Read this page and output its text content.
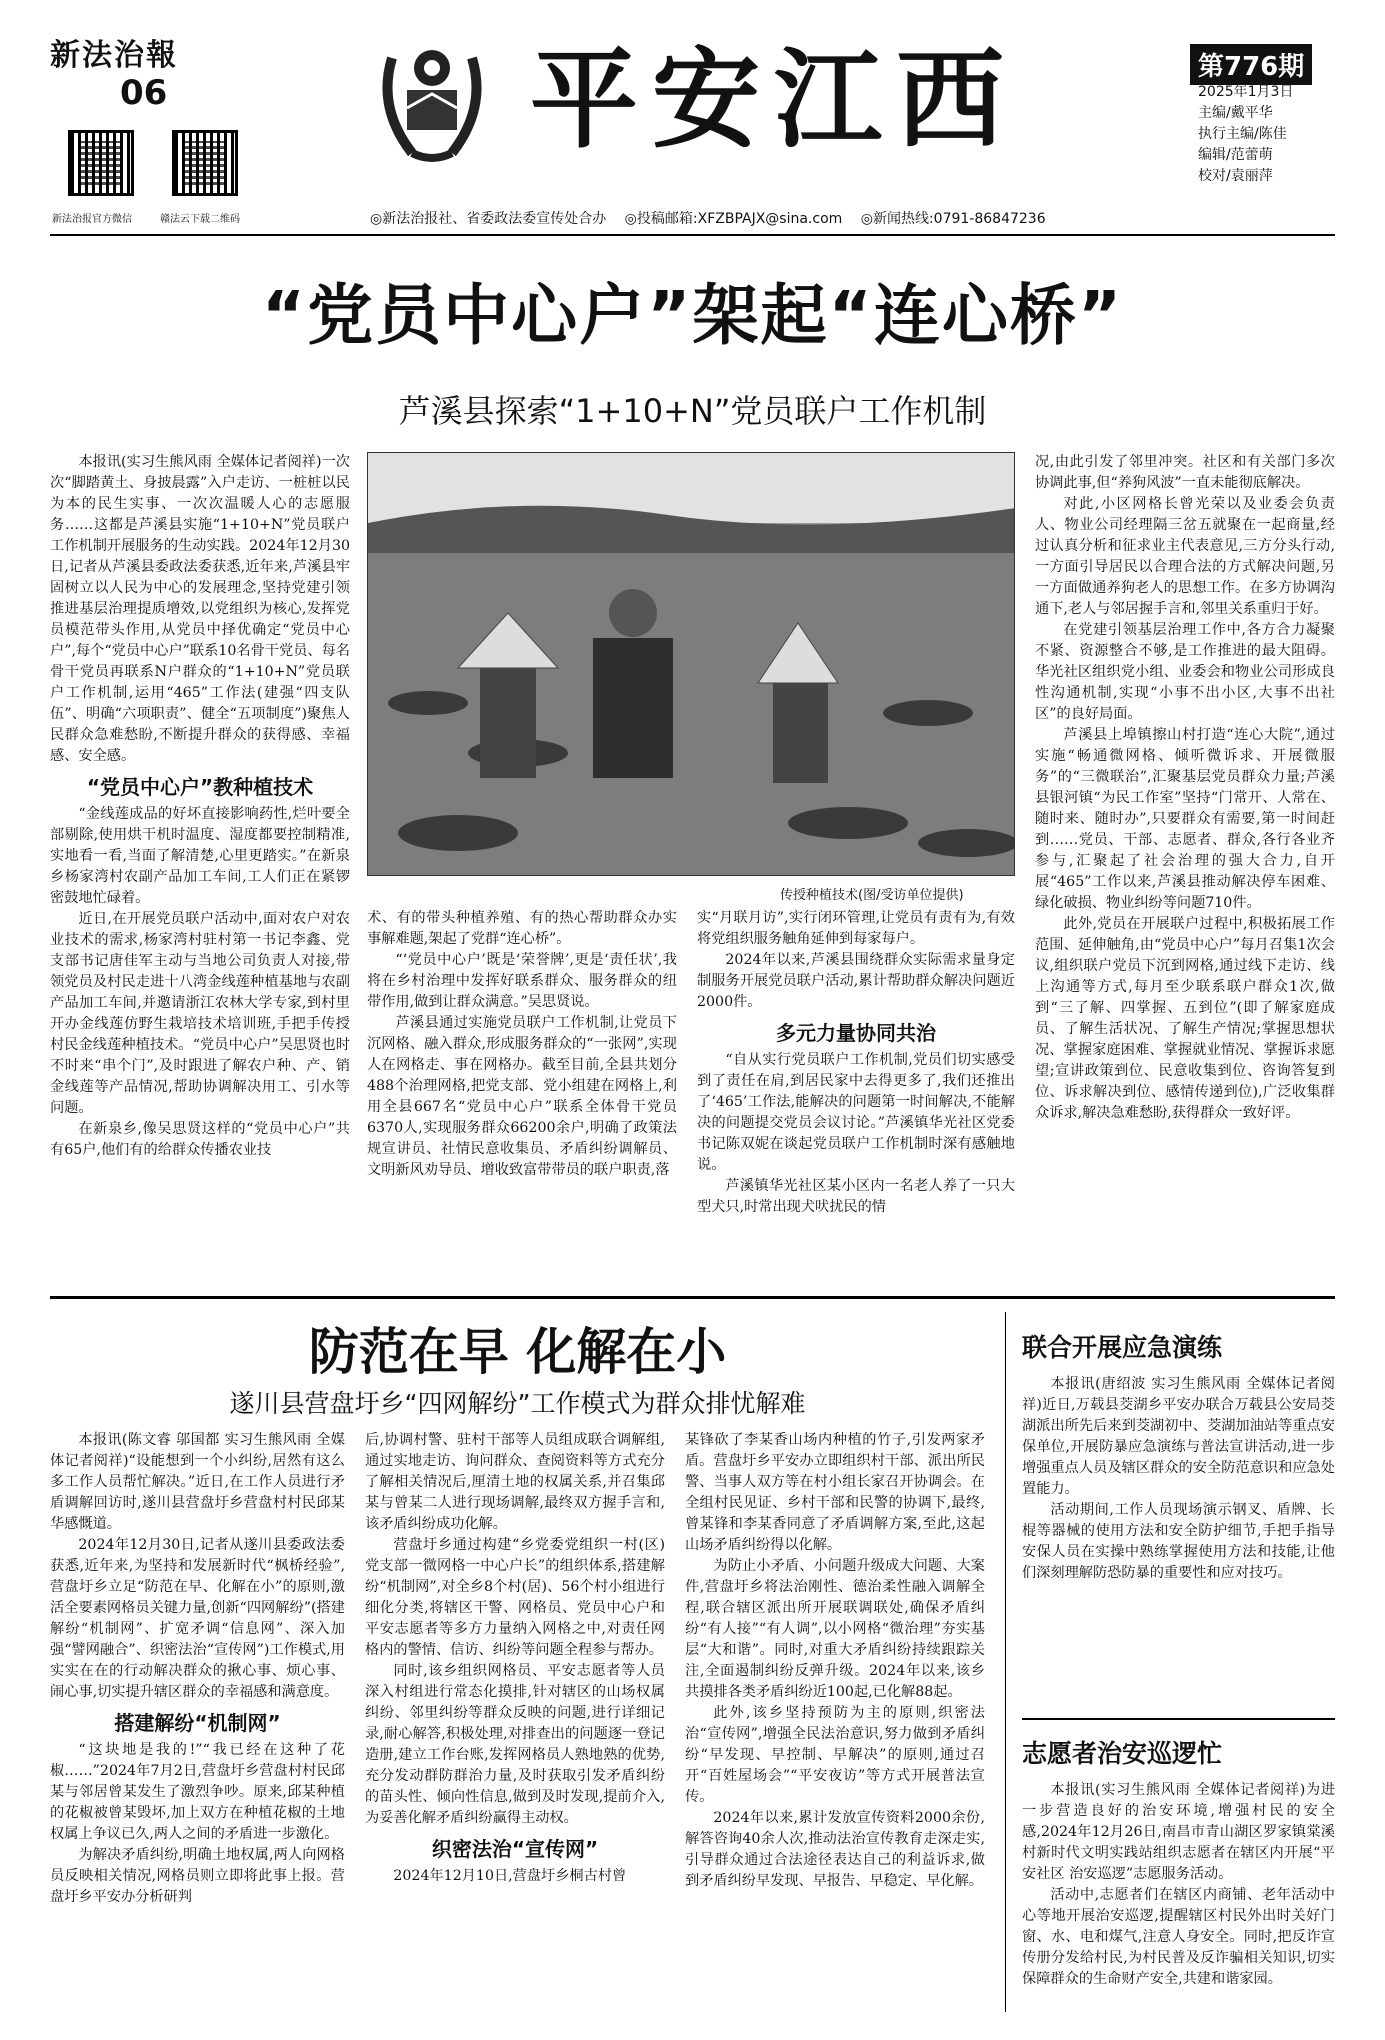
新法治報
06
新法治报官方微信	赣法云下载二维码
平安江西	第776期
2025年1月3日
主编/戴平华
执行主编/陈佳
编辑/范蕾萌
校对/袁丽萍
◎新法治报社、省委政法委宣传处合办 ◎投稿邮箱:XFZBPAJX@sina.com ◎新闻热线:0791-86847236
“党员中心户”架起“连心桥”
芦溪县探索“1+10+N”党员联户工作机制

本报讯(实习生熊风雨 全媒体记者阅祥)一次次“脚踏黄土、身披晨露”入户走访、一桩桩以民为本的民生实事、一次次温暖人心的志愿服务……这都是芦溪县实施“1+10+N”党员联户工作机制开展服务的生动实践。2024年12月30日,记者从芦溪县委政法委获悉,近年来,芦溪县牢固树立以人民为中心的发展理念,坚持党建引领推进基层治理提质增效,以党组织为核心,发挥党员模范带头作用,从党员中择优确定“党员中心户”,每个“党员中心户”联系10名骨干党员、每名骨干党员再联系N户群众的“1+10+N”党员联户工作机制,运用“465”工作法(建强“四支队伍”、明确“六项职责”、健全“五项制度”)聚焦人民群众急难愁盼,不断提升群众的获得感、幸福感、安全感。

“党员中心户”教种植技术

“金线莲成品的好坏直接影响药性,烂叶要全部剔除,使用烘干机时温度、湿度都要控制精准,实地看一看,当面了解清楚,心里更踏实。”在新泉乡杨家湾村农副产品加工车间,工人们正在紧锣密鼓地忙碌着。

近日,在开展党员联户活动中,面对农户对农业技术的需求,杨家湾村驻村第一书记李鑫、党支部书记唐佳军主动与当地公司负责人对接,带领党员及村民走进十八湾金线莲种植基地与农副产品加工车间,并邀请浙江农林大学专家,到村里开办金线莲仿野生栽培技术培训班,手把手传授村民金线莲种植技术。“党员中心户”吴思贤也时不时来“串个门”,及时跟进了解农户种、产、销金线莲等产品情况,帮助协调解决用工、引水等问题。

在新泉乡,像吴思贤这样的“党员中心户”共有65户,他们有的给群众传播农业技

传授种植技术(图/受访单位提供)

术、有的带头种植养殖、有的热心帮助群众办实事解难题,架起了党群“连心桥”。

“‘党员中心户’既是‘荣誉牌’,更是‘责任状’,我将在乡村治理中发挥好联系群众、服务群众的纽带作用,做到让群众满意。”吴思贤说。

芦溪县通过实施党员联户工作机制,让党员下沉网格、融入群众,形成服务群众的“一张网”,实现人在网格走、事在网格办。截至目前,全县共划分488个治理网格,把党支部、党小组建在网格上,利用全县667名“党员中心户”联系全体骨干党员6370人,实现服务群众66200余户,明确了政策法规宣讲员、社情民意收集员、矛盾纠纷调解员、文明新风劝导员、增收致富带带员的联户职责,落

实“月联月访”,实行闭环管理,让党员有责有为,有效将党组织服务触角延伸到每家每户。

2024年以来,芦溪县围绕群众实际需求量身定制服务开展党员联户活动,累计帮助群众解决问题近2000件。

多元力量协同共治

“自从实行党员联户工作机制,党员们切实感受到了责任在肩,到居民家中去得更多了,我们还推出了‘465’工作法,能解决的问题第一时间解决,不能解决的问题提交党员会议讨论。”芦溪镇华光社区党委书记陈双妮在谈起党员联户工作机制时深有感触地说。

芦溪镇华光社区某小区内一名老人养了一只大型犬只,时常出现犬吠扰民的情

况,由此引发了邻里冲突。社区和有关部门多次协调此事,但“养狗风波”一直未能彻底解决。

对此,小区网格长曾光荣以及业委会负责人、物业公司经理隔三岔五就聚在一起商量,经过认真分析和征求业主代表意见,三方分头行动,一方面引导居民以合理合法的方式解决问题,另一方面做通养狗老人的思想工作。在多方协调沟通下,老人与邻居握手言和,邻里关系重归于好。

在党建引领基层治理工作中,各方合力凝聚不紧、资源整合不够,是工作推进的最大阻碍。华光社区组织党小组、业委会和物业公司形成良性沟通机制,实现“小事不出小区,大事不出社区”的良好局面。

芦溪县上埠镇擦山村打造“连心大院”,通过实施“畅通微网格、倾听微诉求、开展微服务”的“三微联治”,汇聚基层党员群众力量;芦溪县银河镇“为民工作室”坚持“门常开、人常在、随时来、随时办”,只要群众有需要,第一时间赶到……党员、干部、志愿者、群众,各行各业齐参与,汇聚起了社会治理的强大合力,自开展“465”工作以来,芦溪县推动解决停车困难、绿化破损、物业纠纷等问题710件。

此外,党员在开展联户过程中,积极拓展工作范围、延伸触角,由“党员中心户”每月召集1次会议,组织联户党员下沉到网格,通过线下走访、线上沟通等方式,每月至少联系联户群众1次,做到“三了解、四掌握、五到位”(即了解家庭成员、了解生活状况、了解生产情况;掌握思想状况、掌握家庭困难、掌握就业情况、掌握诉求愿望;宣讲政策到位、民意收集到位、咨询答复到位、诉求解决到位、感情传递到位),广泛收集群众诉求,解决急难愁盼,获得群众一致好评。

防范在早 化解在小
遂川县营盘圩乡“四网解纷”工作模式为群众排忧解难

本报讯(陈文睿 邬国都 实习生熊风雨 全媒体记者阅祥)“设能想到一个小纠纷,居然有这么多工作人员帮忙解决。”近日,在工作人员进行矛盾调解回访时,遂川县营盘圩乡营盘村村民邱某华感慨道。

2024年12月30日,记者从遂川县委政法委获悉,近年来,为坚持和发展新时代“枫桥经验”,营盘圩乡立足“防范在早、化解在小”的原则,激活全要素网格员关键力量,创新“四网解纷”(搭建解纷“机制网”、扩宽矛调“信息网”、深入加强“譬网融合”、织密法治“宣传网”)工作模式,用实实在在的行动解决群众的揪心事、烦心事、闹心事,切实提升辖区群众的幸福感和满意度。

搭建解纷“机制网”

“这块地是我的!”“我已经在这种了花椒……”2024年7月2日,营盘圩乡营盘村村民邱某与邻居曾某发生了激烈争吵。原来,邱某种植的花椒被曾某毁坏,加上双方在种植花椒的土地权属上争议已久,两人之间的矛盾进一步激化。

为解决矛盾纠纷,明确土地权属,两人向网格员反映相关情况,网格员则立即将此事上报。营盘圩乡平安办分析研判

后,协调村警、驻村干部等人员组成联合调解组,通过实地走访、询问群众、查阅资料等方式充分了解相关情况后,厘清土地的权属关系,并召集邱某与曾某二人进行现场调解,最终双方握手言和,该矛盾纠纷成功化解。

营盘圩乡通过构建“乡党委党组织一村(区)党支部一微网格一中心户长”的组织体系,搭建解纷“机制网”,对全乡8个村(居)、56个村小组进行细化分类,将辖区干警、网格员、党员中心户和平安志愿者等多方力量纳入网格之中,对责任网格内的警情、信访、纠纷等问题全程参与帮办。

同时,该乡组织网格员、平安志愿者等人员深入村组进行常态化摸排,针对辖区的山场权属纠纷、邻里纠纷等群众反映的问题,进行详细记录,耐心解答,积极处理,对排查出的问题逐一登记造册,建立工作台账,发挥网格员人熟地熟的优势,充分发动群防群治力量,及时获取引发矛盾纠纷的苗头性、倾向性信息,做到及时发现,提前介入,为妥善化解矛盾纠纷赢得主动权。

织密法治“宣传网”

2024年12月10日,营盘圩乡桐古村曾

某锋砍了李某香山场内种植的竹子,引发两家矛盾。营盘圩乡平安办立即组织村干部、派出所民警、当事人双方等在村小组长家召开协调会。在全组村民见证、乡村干部和民警的协调下,最终,曾某锋和李某香同意了矛盾调解方案,至此,这起山场矛盾纠纷得以化解。

为防止小矛盾、小问题升级成大问题、大案件,营盘圩乡将法治刚性、德治柔性融入调解全程,联合辖区派出所开展联调联处,确保矛盾纠纷“有人接”“有人调”,以小网格“微治理”夯实基层“大和谐”。同时,对重大矛盾纠纷持续跟踪关注,全面遏制纠纷反弹升级。2024年以来,该乡共摸排各类矛盾纠纷近100起,已化解88起。

此外,该乡坚持预防为主的原则,织密法治“宣传网”,增强全民法治意识,努力做到矛盾纠纷“早发现、早控制、早解决”的原则,通过召开“百姓屋场会”“平安夜访”等方式开展普法宣传。

2024年以来,累计发放宣传资料2000余份,解答咨询40余人次,推动法治宣传教育走深走实,引导群众通过合法途径表达自己的利益诉求,做到矛盾纠纷早发现、早报告、早稳定、早化解。

联合开展应急演练

本报讯(唐绍波 实习生熊风雨 全媒体记者阅祥)近日,万载县茭湖乡平安办联合万载县公安局茭湖派出所先后来到茭湖初中、茭湖加油站等重点安保单位,开展防暴应急演练与普法宣讲活动,进一步增强重点人员及辖区群众的安全防范意识和应急处置能力。

活动期间,工作人员现场演示钢叉、盾牌、长棍等器械的使用方法和安全防护细节,手把手指导安保人员在实操中熟练掌握使用方法和技能,让他们深刻理解防恐防暴的重要性和应对技巧。

志愿者治安巡逻忙

本报讯(实习生熊风雨 全媒体记者阅祥)为进一步营造良好的治安环境,增强村民的安全感,2024年12月26日,南昌市青山湖区罗家镇棠溪村新时代文明实践站组织志愿者在辖区内开展“平安社区 治安巡逻”志愿服务活动。

活动中,志愿者们在辖区内商铺、老年活动中心等地开展治安巡逻,提醒辖区村民外出时关好门窗、水、电和煤气,注意人身安全。同时,把反诈宣传册分发给村民,为村民普及反诈骗相关知识,切实保障群众的生命财产安全,共建和谐家园。
